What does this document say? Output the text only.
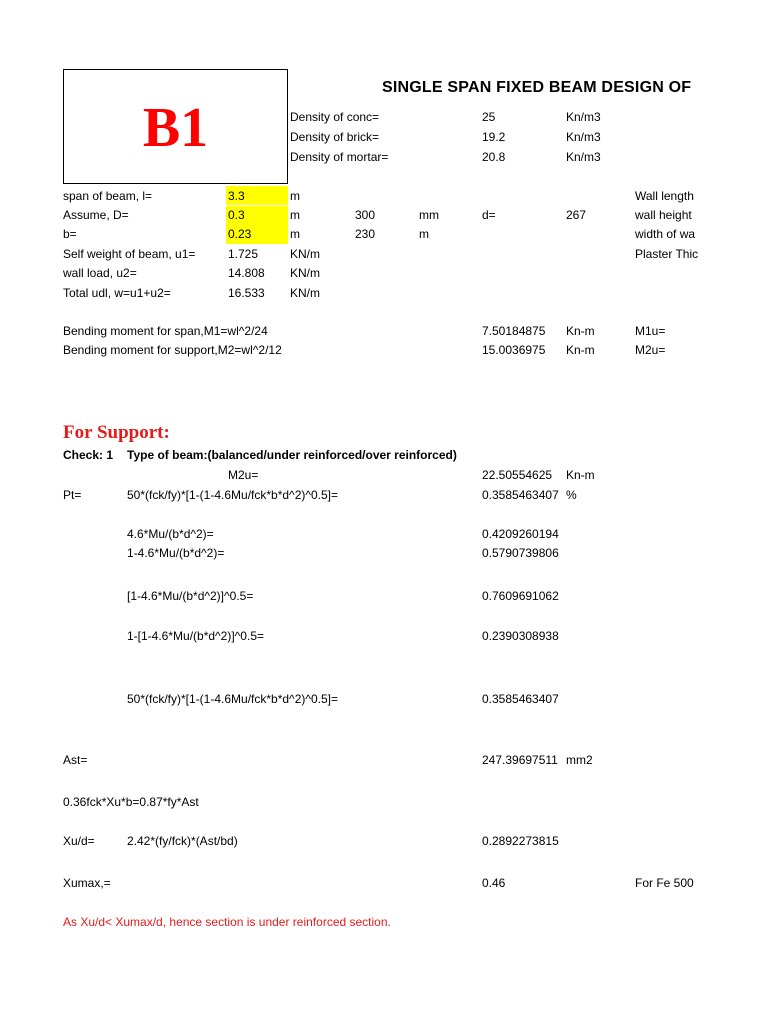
B1
SINGLE SPAN FIXED BEAM DESIGN OF
Density of conc=	25	Kn/m3
Density of brick=	19.2	Kn/m3
Density of mortar=	20.8	Kn/m3
span of beam, l=	3.3	m	Wall length
Assume, D=	0.3	m	300	mm	d=	267	wall height
b=	0.23	m	230	m	width of wa
Self weight of beam, u1=	1.725	KN/m	Plaster Thic
wall load, u2=	14.808 KN/m
Total udl, w=u1+u2=	16.533 KN/m
Bending moment for span,M1=wl^2/24	7.50184875 Kn-m	M1u=
Bending moment for support,M2=wl^2/12	15.0036975 Kn-m	M2u=
For Support:
Check: 1 Type of beam:(balanced/under reinforced/over reinforced)
M2u=	22.50554625 Kn-m
Pt=	50*(fck/fy)*[1-(1-4.6Mu/fck*b*d^2)^0.5]=	0.3585463407 %
4.6*Mu/(b*d^2)=	0.4209260194
1-4.6*Mu/(b*d^2)=	0.5790739806
[1-4.6*Mu/(b*d^2)]^0.5=	0.7609691062
1-[1-4.6*Mu/(b*d^2)]^0.5=	0.2390308938
50*(fck/fy)*[1-(1-4.6Mu/fck*b*d^2)^0.5]=	0.3585463407
Ast=	247.39697511 mm2
0.36fck*Xu*b=0.87*fy*Ast
Xu/d=	2.42*(fy/fck)*(Ast/bd)	0.2892273815
Xumax,=	0.46	For Fe 500
As Xu/d< Xumax/d, hence section is under reinforced section.
